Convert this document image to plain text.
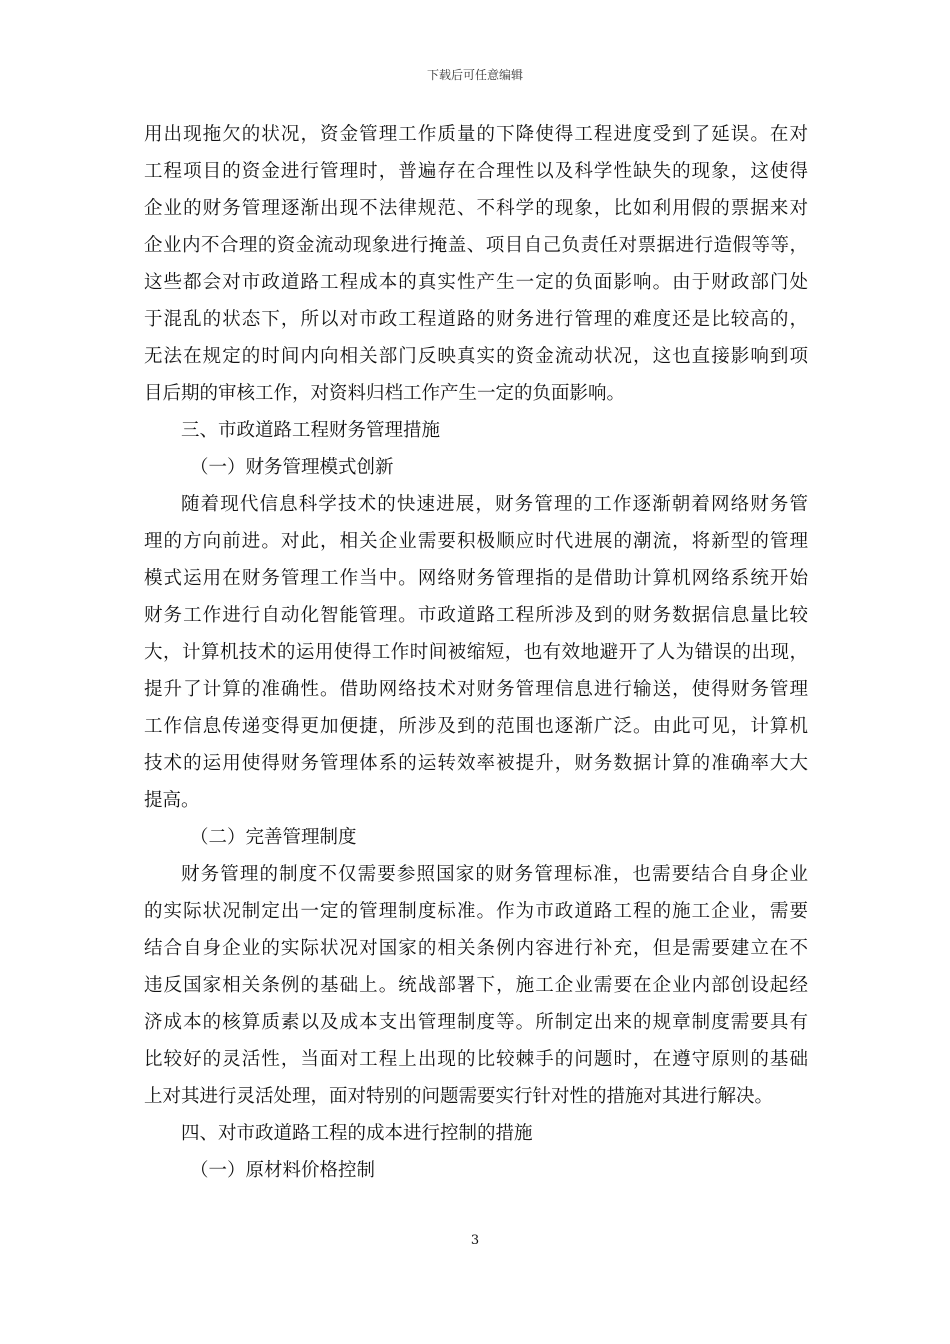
下载后可任意编辑
用出现拖欠的状况，资金管理工作质量的下降使得工程进度受到了延误。在对
工程项目的资金进行管理时，普遍存在合理性以及科学性缺失的现象，这使得
企业的财务管理逐渐出现不法律规范、不科学的现象，比如利用假的票据来对
企业内不合理的资金流动现象进行掩盖、项目自己负责任对票据进行造假等等，
这些都会对市政道路工程成本的真实性产生一定的负面影响。由于财政部门处
于混乱的状态下，所以对市政工程道路的财务进行管理的难度还是比较高的，
无法在规定的时间内向相关部门反映真实的资金流动状况，这也直接影响到项
目后期的审核工作，对资料归档工作产生一定的负面影响。
三、市政道路工程财务管理措施
（一）财务管理模式创新
随着现代信息科学技术的快速进展，财务管理的工作逐渐朝着网络财务管
理的方向前进。对此，相关企业需要积极顺应时代进展的潮流，将新型的管理
模式运用在财务管理工作当中。网络财务管理指的是借助计算机网络系统开始
财务工作进行自动化智能管理。市政道路工程所涉及到的财务数据信息量比较
大，计算机技术的运用使得工作时间被缩短，也有效地避开了人为错误的出现，
提升了计算的准确性。借助网络技术对财务管理信息进行输送，使得财务管理
工作信息传递变得更加便捷，所涉及到的范围也逐渐广泛。由此可见，计算机
技术的运用使得财务管理体系的运转效率被提升，财务数据计算的准确率大大
提高。
（二）完善管理制度
财务管理的制度不仅需要参照国家的财务管理标准，也需要结合自身企业
的实际状况制定出一定的管理制度标准。作为市政道路工程的施工企业，需要
结合自身企业的实际状况对国家的相关条例内容进行补充，但是需要建立在不
违反国家相关条例的基础上。统战部署下，施工企业需要在企业内部创设起经
济成本的核算质素以及成本支出管理制度等。所制定出来的规章制度需要具有
比较好的灵活性，当面对工程上出现的比较棘手的问题时，在遵守原则的基础
上对其进行灵活处理，面对特别的问题需要实行针对性的措施对其进行解决。
四、对市政道路工程的成本进行控制的措施
（一）原材料价格控制
3
